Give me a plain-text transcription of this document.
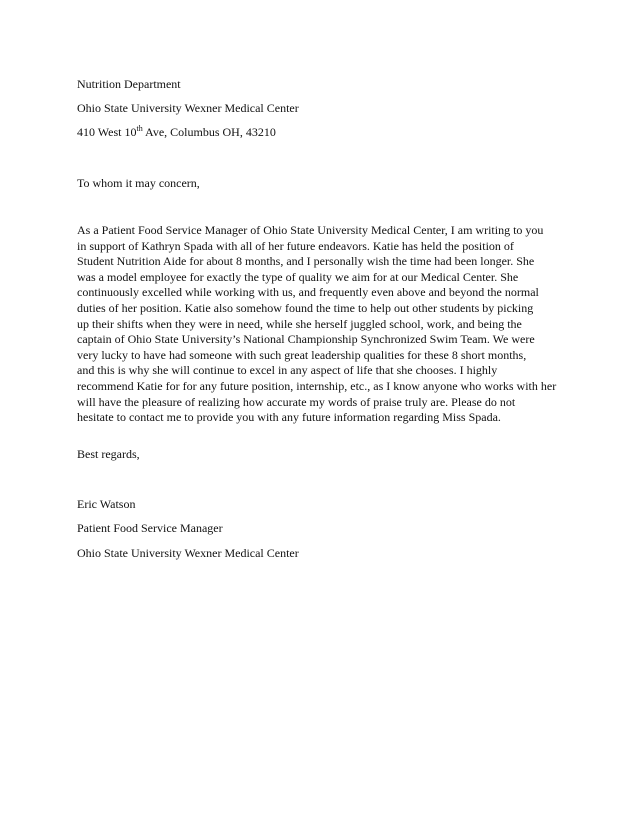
Nutrition Department
Ohio State University Wexner Medical Center
410 West 10th Ave, Columbus OH, 43210
To whom it may concern,
As a Patient Food Service Manager of Ohio State University Medical Center, I am writing to you
in support of Kathryn Spada with all of her future endeavors. Katie has held the position of
Student Nutrition Aide for about 8 months, and I personally wish the time had been longer. She
was a model employee for exactly the type of quality we aim for at our Medical Center. She
continuously excelled while working with us, and frequently even above and beyond the normal
duties of her position. Katie also somehow found the time to help out other students by picking
up their shifts when they were in need, while she herself juggled school, work, and being the
captain of Ohio State University’s National Championship Synchronized Swim Team. We were
very lucky to have had someone with such great leadership qualities for these 8 short months,
and this is why she will continue to excel in any aspect of life that she chooses. I highly
recommend Katie for for any future position, internship, etc., as I know anyone who works with her
will have the pleasure of realizing how accurate my words of praise truly are. Please do not
hesitate to contact me to provide you with any future information regarding Miss Spada.
Best regards,
Eric Watson
Patient Food Service Manager
Ohio State University Wexner Medical Center
